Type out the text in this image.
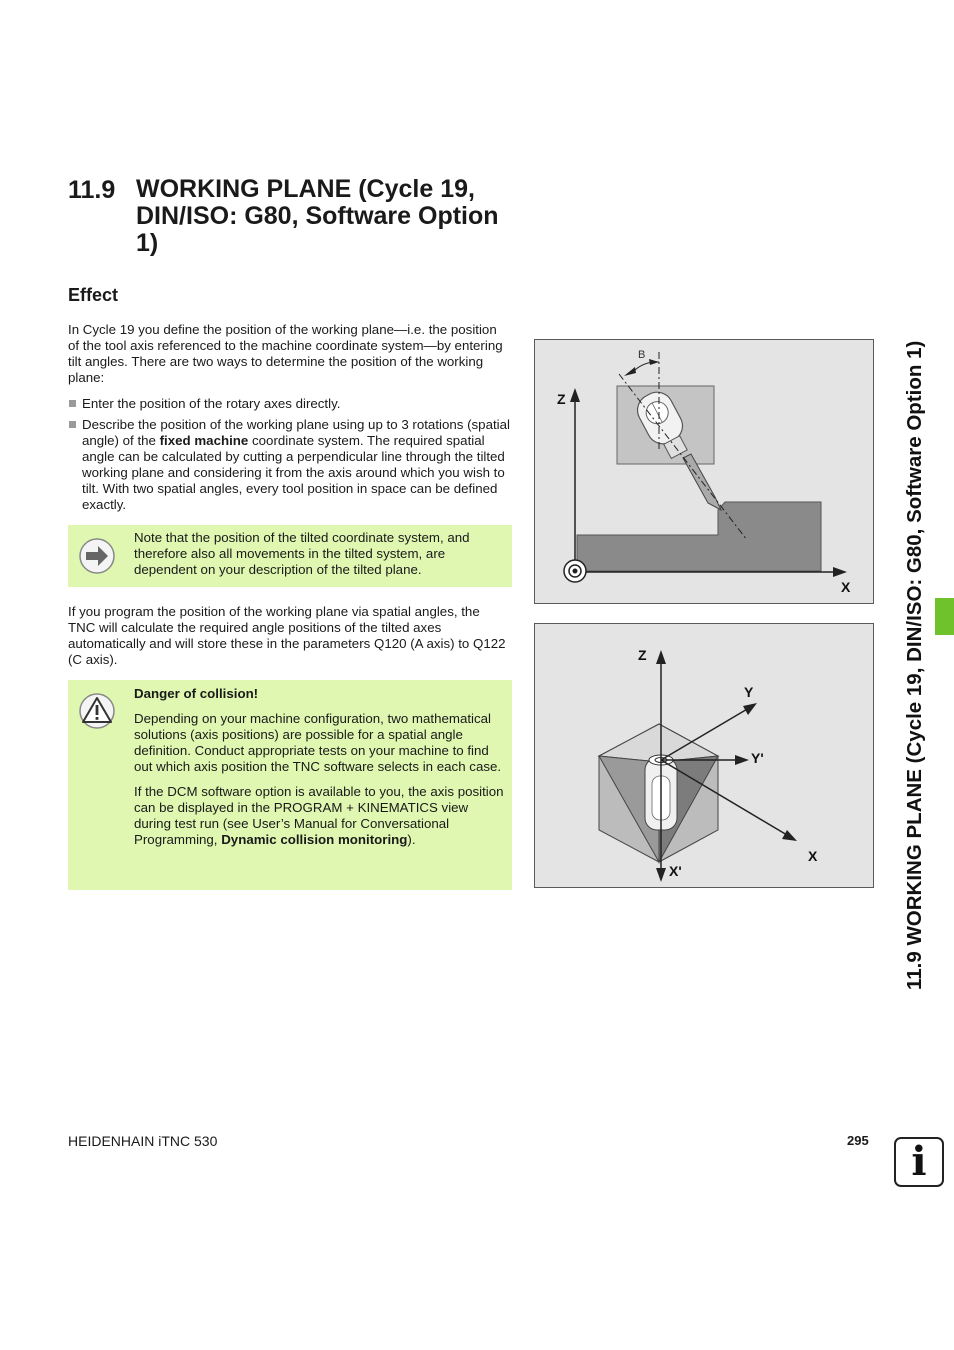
11.9 WORKING PLANE (Cycle 19, DIN/ISO: G80, Software Option 1)
Effect
In Cycle 19 you define the position of the working plane—i.e. the position of the tool axis referenced to the machine coordinate system—by entering tilt angles. There are two ways to determine the position of the working plane:
Enter the position of the rotary axes directly.
Describe the position of the working plane using up to 3 rotations (spatial angle) of the fixed machine coordinate system. The required spatial angle can be calculated by cutting a perpendicular line through the tilted working plane and considering it from the axis around which you wish to tilt. With two spatial angles, every tool position in space can be defined exactly.
Note that the position of the tilted coordinate system, and therefore also all movements in the tilted system, are dependent on your description of the tilted plane.
If you program the position of the working plane via spatial angles, the TNC will calculate the required angle positions of the tilted axes automatically and will store these in the parameters Q120 (A axis) to Q122 (C axis).
Danger of collision!
Depending on your machine configuration, two mathematical solutions (axis positions) are possible for a spatial angle definition. Conduct appropriate tests on your machine to find out which axis position the TNC software selects in each case.
If the DCM software option is available to you, the axis position can be displayed in the PROGRAM + KINEMATICS view during test run (see User’s Manual for Conversational Programming, Dynamic collision monitoring).
B
Z
X
Z
Y
Y'
X
X'	11.9 WORKING PLANE (Cycle 19, DIN/ISO: G80, Software Option 1)
HEIDENHAIN iTNC 530	295	i
